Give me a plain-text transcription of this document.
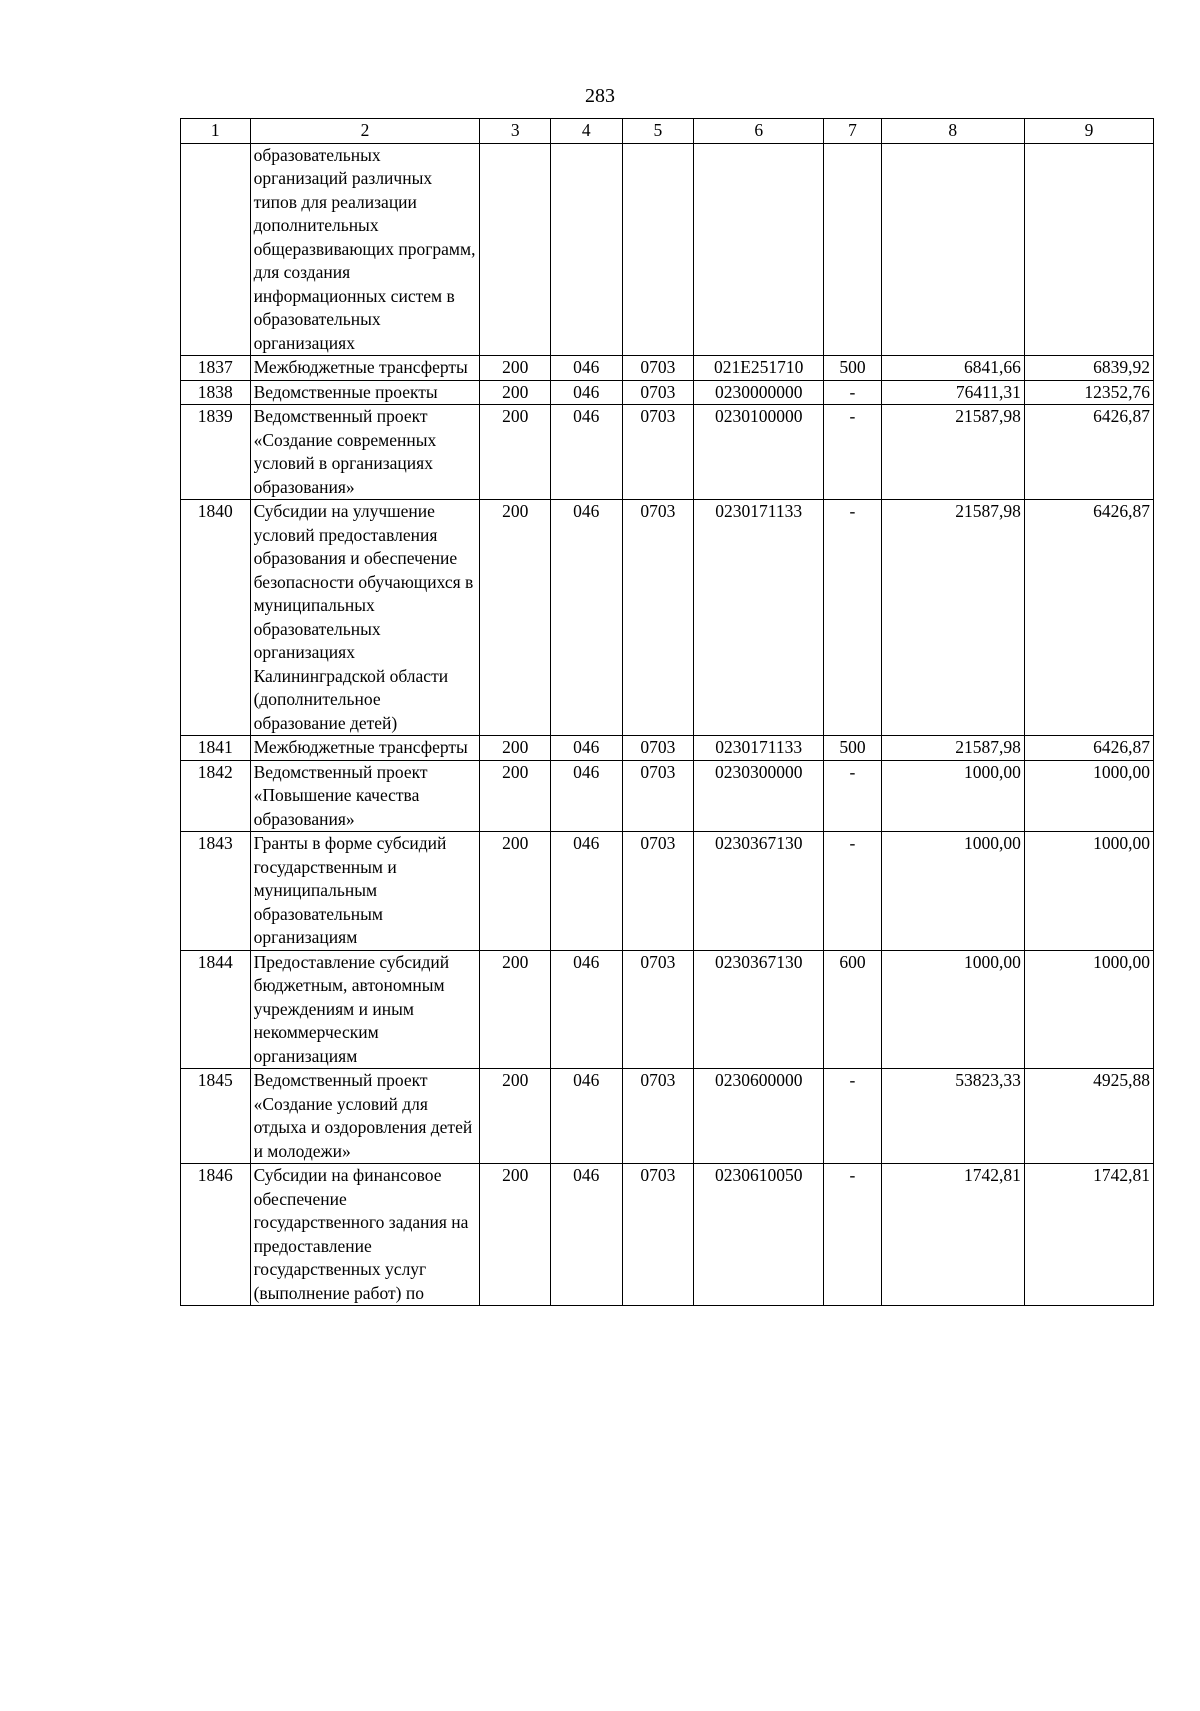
283
1	2	3	4	5	6	7	8	9
	образовательных организаций различных типов для реализации дополнительных общеразвивающих программ, для создания информационных систем в образовательных организациях							
1837	Межбюджетные трансферты	200	046	0703	021E251710	500	6841,66	6839,92
1838	Ведомственные проекты	200	046	0703	0230000000	-	76411,31	12352,76
1839	Ведомственный проект «Создание современных условий в организациях образования»	200	046	0703	0230100000	-	21587,98	6426,87
1840	Субсидии на улучшение условий предоставления образования и обеспечение безопасности обучающихся в муниципальных образовательных организациях Калининградской области (дополнительное образование детей)	200	046	0703	0230171133	-	21587,98	6426,87
1841	Межбюджетные трансферты	200	046	0703	0230171133	500	21587,98	6426,87
1842	Ведомственный проект «Повышение качества образования»	200	046	0703	0230300000	-	1000,00	1000,00
1843	Гранты в форме субсидий государственным и муниципальным образовательным организациям	200	046	0703	0230367130	-	1000,00	1000,00
1844	Предоставление субсидий бюджетным, автономным учреждениям и иным некоммерческим организациям	200	046	0703	0230367130	600	1000,00	1000,00
1845	Ведомственный проект «Создание условий для отдыха и оздоровления детей и молодежи»	200	046	0703	0230600000	-	53823,33	4925,88
1846	Субсидии на финансовое обеспечение государственного задания на предоставление государственных услуг (выполнение работ) по	200	046	0703	0230610050	-	1742,81	1742,81
